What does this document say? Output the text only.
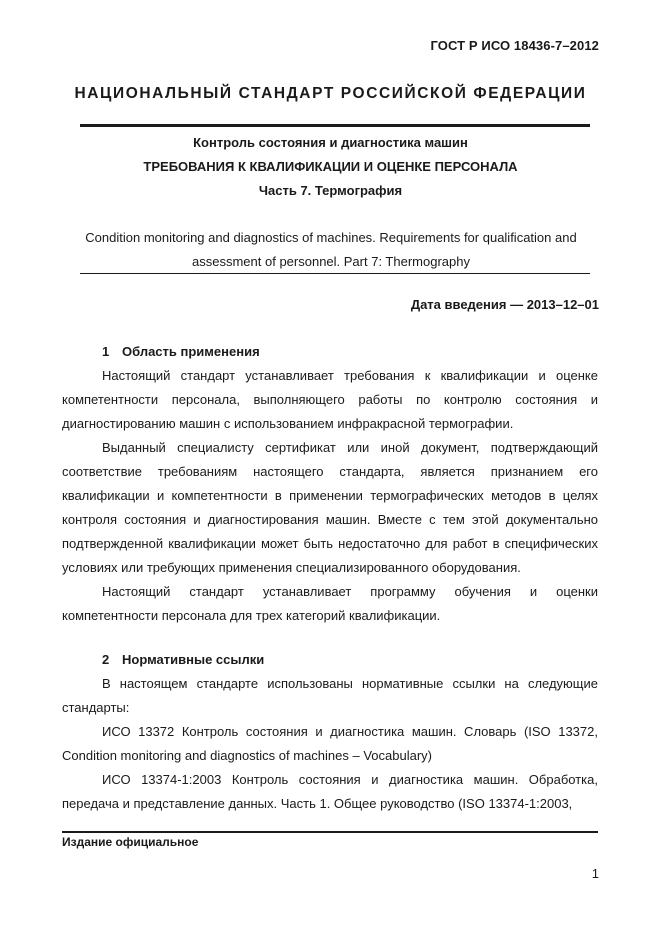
ГОСТ Р ИСО 18436-7–2012
НАЦИОНАЛЬНЫЙ СТАНДАРТ РОССИЙСКОЙ ФЕДЕРАЦИИ
Контроль состояния и диагностика машин
ТРЕБОВАНИЯ К КВАЛИФИКАЦИИ И ОЦЕНКЕ ПЕРСОНАЛА
Часть 7. Термография
Condition monitoring and diagnostics of machines. Requirements for qualification and assessment of personnel. Part 7: Thermography
Дата введения — 2013–12–01

1 Область применения

Настоящий стандарт устанавливает требования к квалификации и оценке компетентности персонала, выполняющего работы по контролю состояния и диагностированию машин с использованием инфракрасной термографии.

Выданный специалисту сертификат или иной документ, подтверждающий соответствие требованиям настоящего стандарта, является признанием его квалификации и компетентности в применении термографических методов в целях контроля состояния и диагностирования машин. Вместе с тем этой документально подтвержденной квалификации может быть недостаточно для работ в специфических условиях или требующих применения специализированного оборудования.

Настоящий стандарт устанавливает программу обучения и оценки компетентности персонала для трех категорий квалификации.

2 Нормативные ссылки

В настоящем стандарте использованы нормативные ссылки на следующие стандарты:

ИСО 13372 Контроль состояния и диагностика машин. Словарь (ISO 13372, Condition monitoring and diagnostics of machines – Vocabulary)

ИСО 13374-1:2003 Контроль состояния и диагностика машин. Обработка, передача и представление данных. Часть 1. Общее руководство (ISO 13374-1:2003,

Издание официальное
1
